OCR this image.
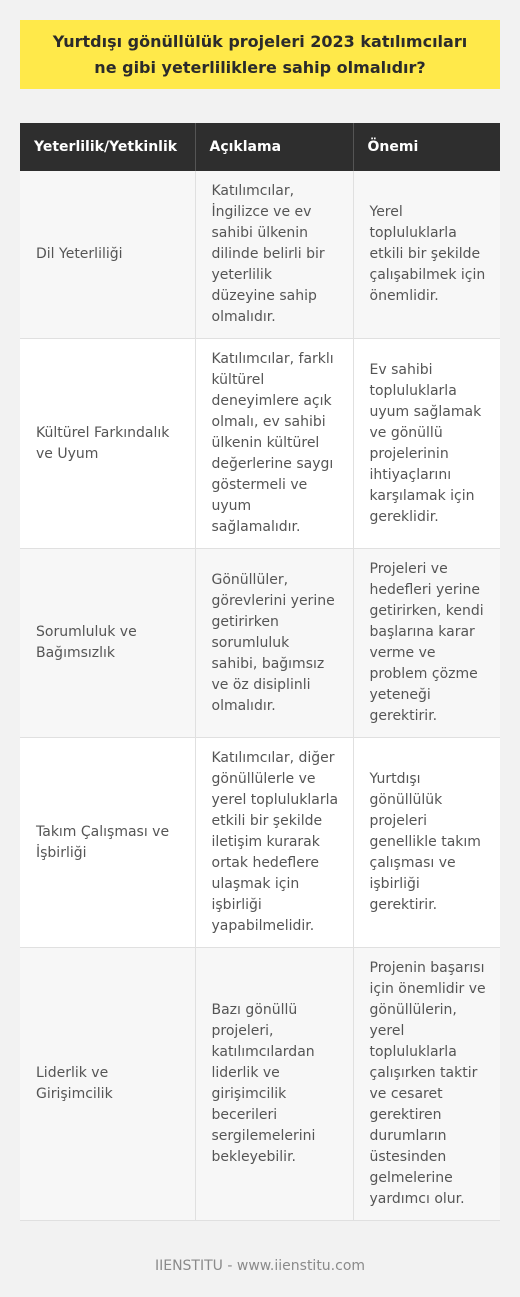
Yurtdışı gönüllülük projeleri 2023 katılımcıları ne gibi yeterliliklere sahip olmalıdır?
Yeterlilik/Yetkinlik	Açıklama	Önemi
Dil Yeterliliği	Katılımcılar, İngilizce ve ev sahibi ülkenin dilinde belirli bir yeterlilik düzeyine sahip olmalıdır.	Yerel topluluklarla etkili bir şekilde çalışabilmek için önemlidir.
Kültürel Farkındalık ve Uyum	Katılımcılar, farklı kültürel deneyimlere açık olmalı, ev sahibi ülkenin kültürel değerlerine saygı göstermeli ve uyum sağlamalıdır.	Ev sahibi topluluklarla uyum sağlamak ve gönüllü projelerinin ihtiyaçlarını karşılamak için gereklidir.
Sorumluluk ve Bağımsızlık	Gönüllüler, görevlerini yerine getirirken sorumluluk sahibi, bağımsız ve öz disiplinli olmalıdır.	Projeleri ve hedefleri yerine getirirken, kendi başlarına karar verme ve problem çözme yeteneği gerektirir.
Takım Çalışması ve İşbirliği	Katılımcılar, diğer gönüllülerle ve yerel topluluklarla etkili bir şekilde iletişim kurarak ortak hedeflere ulaşmak için işbirliği yapabilmelidir.	Yurtdışı gönüllülük projeleri genellikle takım çalışması ve işbirliği gerektirir.
Liderlik ve Girişimcilik	Bazı gönüllü projeleri, katılımcılardan liderlik ve girişimcilik becerileri sergilemelerini bekleyebilir.	Projenin başarısı için önemlidir ve gönüllülerin, yerel topluluklarla çalışırken taktir ve cesaret gerektiren durumların üstesinden gelmelerine yardımcı olur.
IIENSTITU - www.iienstitu.com
